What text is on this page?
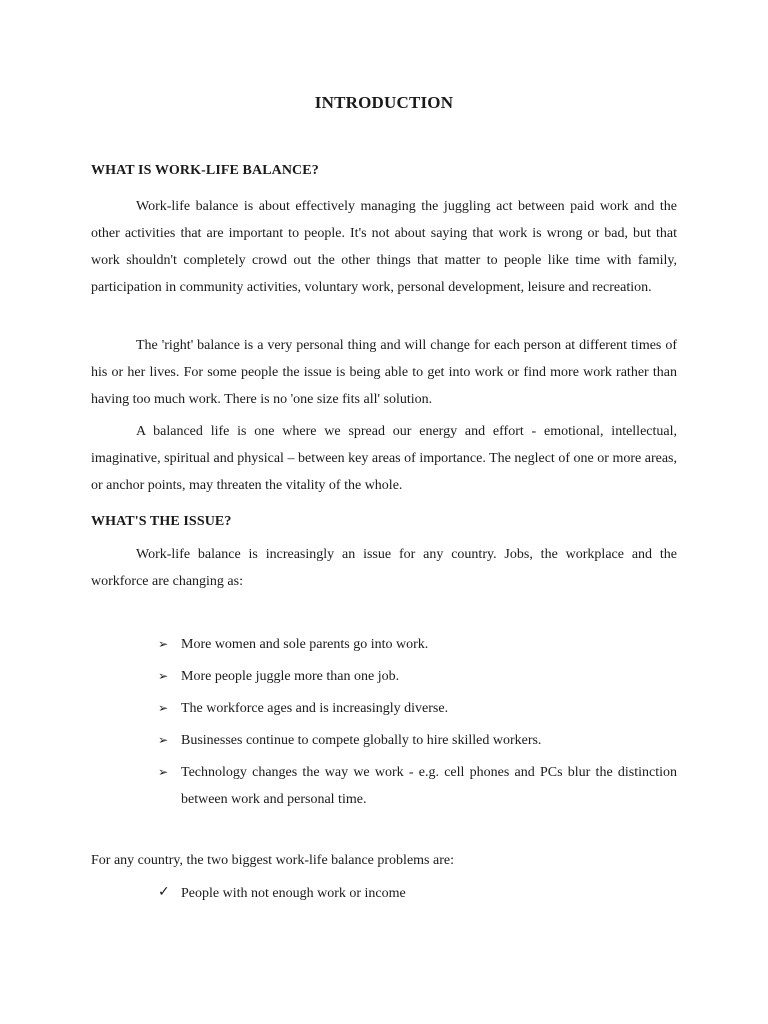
INTRODUCTION
WHAT IS WORK-LIFE BALANCE?

Work-life balance is about effectively managing the juggling act between paid work and the other activities that are important to people. It's not about saying that work is wrong or bad, but that work shouldn't completely crowd out the other things that matter to people like time with family, participation in community activities, voluntary work, personal development, leisure and recreation.

The 'right' balance is a very personal thing and will change for each person at different times of his or her lives. For some people the issue is being able to get into work or find more work rather than having too much work. There is no 'one size fits all' solution.

A balanced life is one where we spread our energy and effort - emotional, intellectual, imaginative, spiritual and physical – between key areas of importance. The neglect of one or more areas, or anchor points, may threaten the vitality of the whole.

WHAT'S THE ISSUE?

Work-life balance is increasingly an issue for any country. Jobs, the workplace and the workforce are changing as:

➢ More women and sole parents go into work.
➢ More people juggle more than one job.
➢ The workforce ages and is increasingly diverse.
➢ Businesses continue to compete globally to hire skilled workers.
➢ Technology changes the way we work - e.g. cell phones and PCs blur the distinction between work and personal time.
For any country, the two biggest work-life balance problems are:
✓ People with not enough work or income
